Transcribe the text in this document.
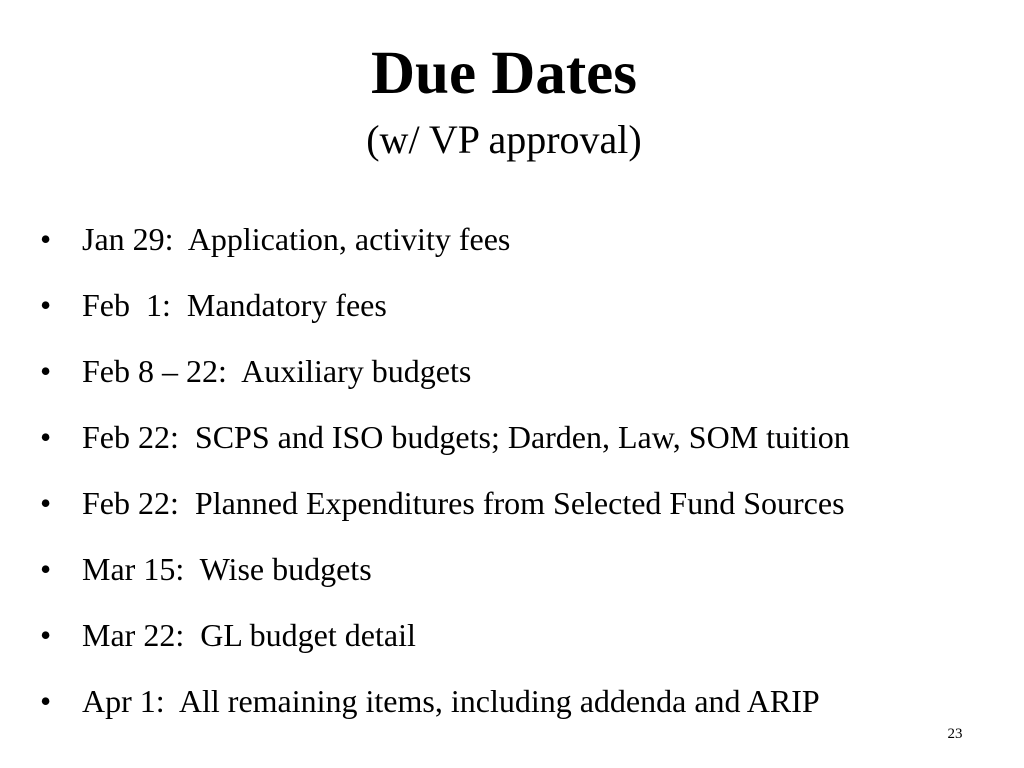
Due Dates
(w/ VP approval)
• Jan 29:  Application, activity fees
• Feb  1:  Mandatory fees
• Feb 8 – 22:  Auxiliary budgets
• Feb 22:  SCPS and ISO budgets; Darden, Law, SOM tuition
• Feb 22:  Planned Expenditures from Selected Fund Sources
• Mar 15:  Wise budgets
• Mar 22:  GL budget detail
• Apr 1:  All remaining items, including addenda and ARIP
23
